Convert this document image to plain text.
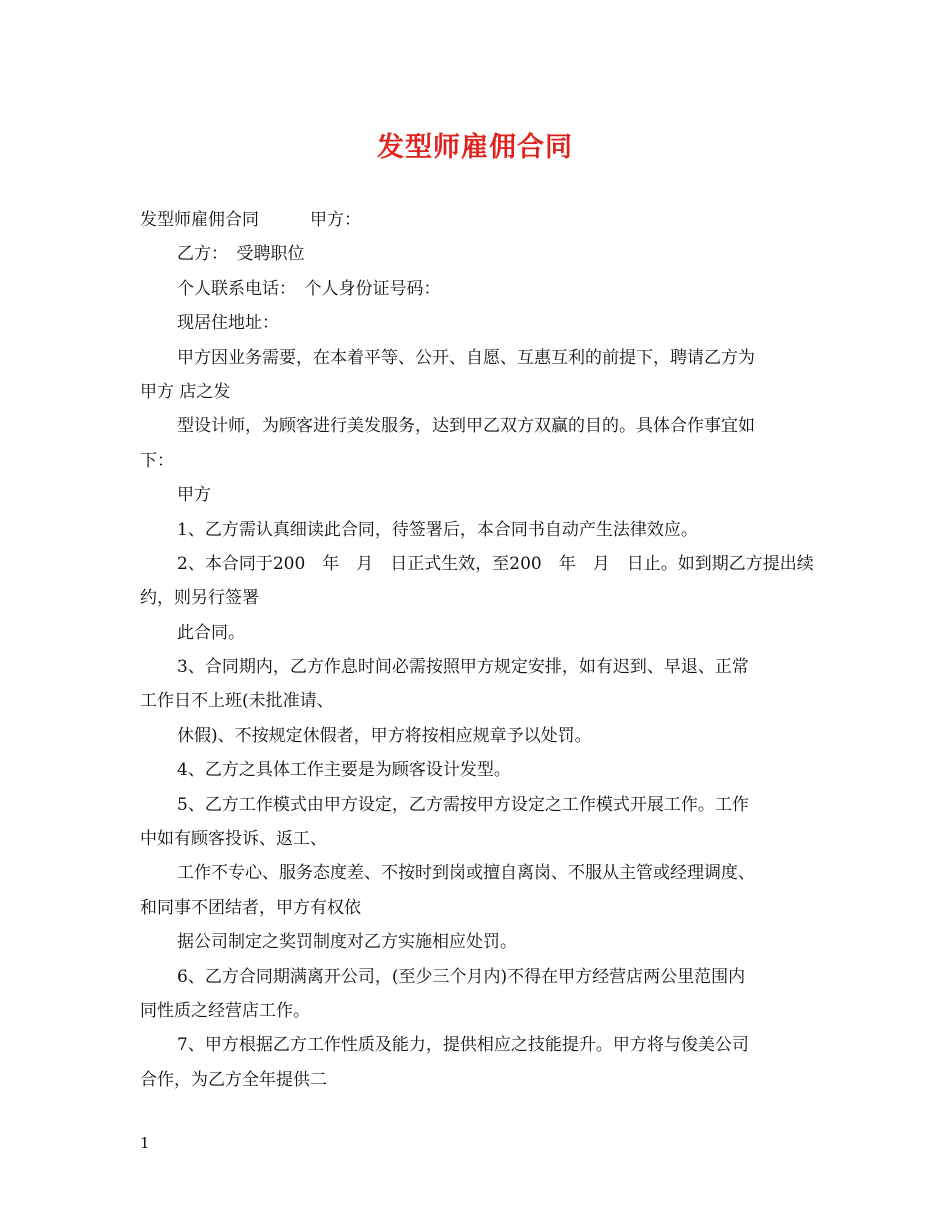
发型师雇佣合同
发型师雇佣合同　　　甲方：
乙方：　受聘职位
个人联系电话：　个人身份证号码：
现居住地址：
甲方因业务需要，在本着平等、公开、自愿、互惠互利的前提下，聘请乙方为
甲方 店之发
型设计师，为顾客进行美发服务，达到甲乙双方双赢的目的。具体合作事宜如
下：
甲方
1、乙方需认真细读此合同，待签署后，本合同书自动产生法律效应。
2、本合同于200　年　月　日正式生效，至200　年　月　日止。如到期乙方提出续
约，则另行签署
此合同。
3、合同期内，乙方作息时间必需按照甲方规定安排，如有迟到、早退、正常
工作日不上班(未批准请、
休假)、不按规定休假者，甲方将按相应规章予以处罚。
4、乙方之具体工作主要是为顾客设计发型。
5、乙方工作模式由甲方设定，乙方需按甲方设定之工作模式开展工作。工作
中如有顾客投诉、返工、
工作不专心、服务态度差、不按时到岗或擅自离岗、不服从主管或经理调度、
和同事不团结者，甲方有权依
据公司制定之奖罚制度对乙方实施相应处罚。
6、乙方合同期满离开公司，(至少三个月内)不得在甲方经营店两公里范围内
同性质之经营店工作。
7、甲方根据乙方工作性质及能力，提供相应之技能提升。甲方将与俊美公司
合作，为乙方全年提供二
1
